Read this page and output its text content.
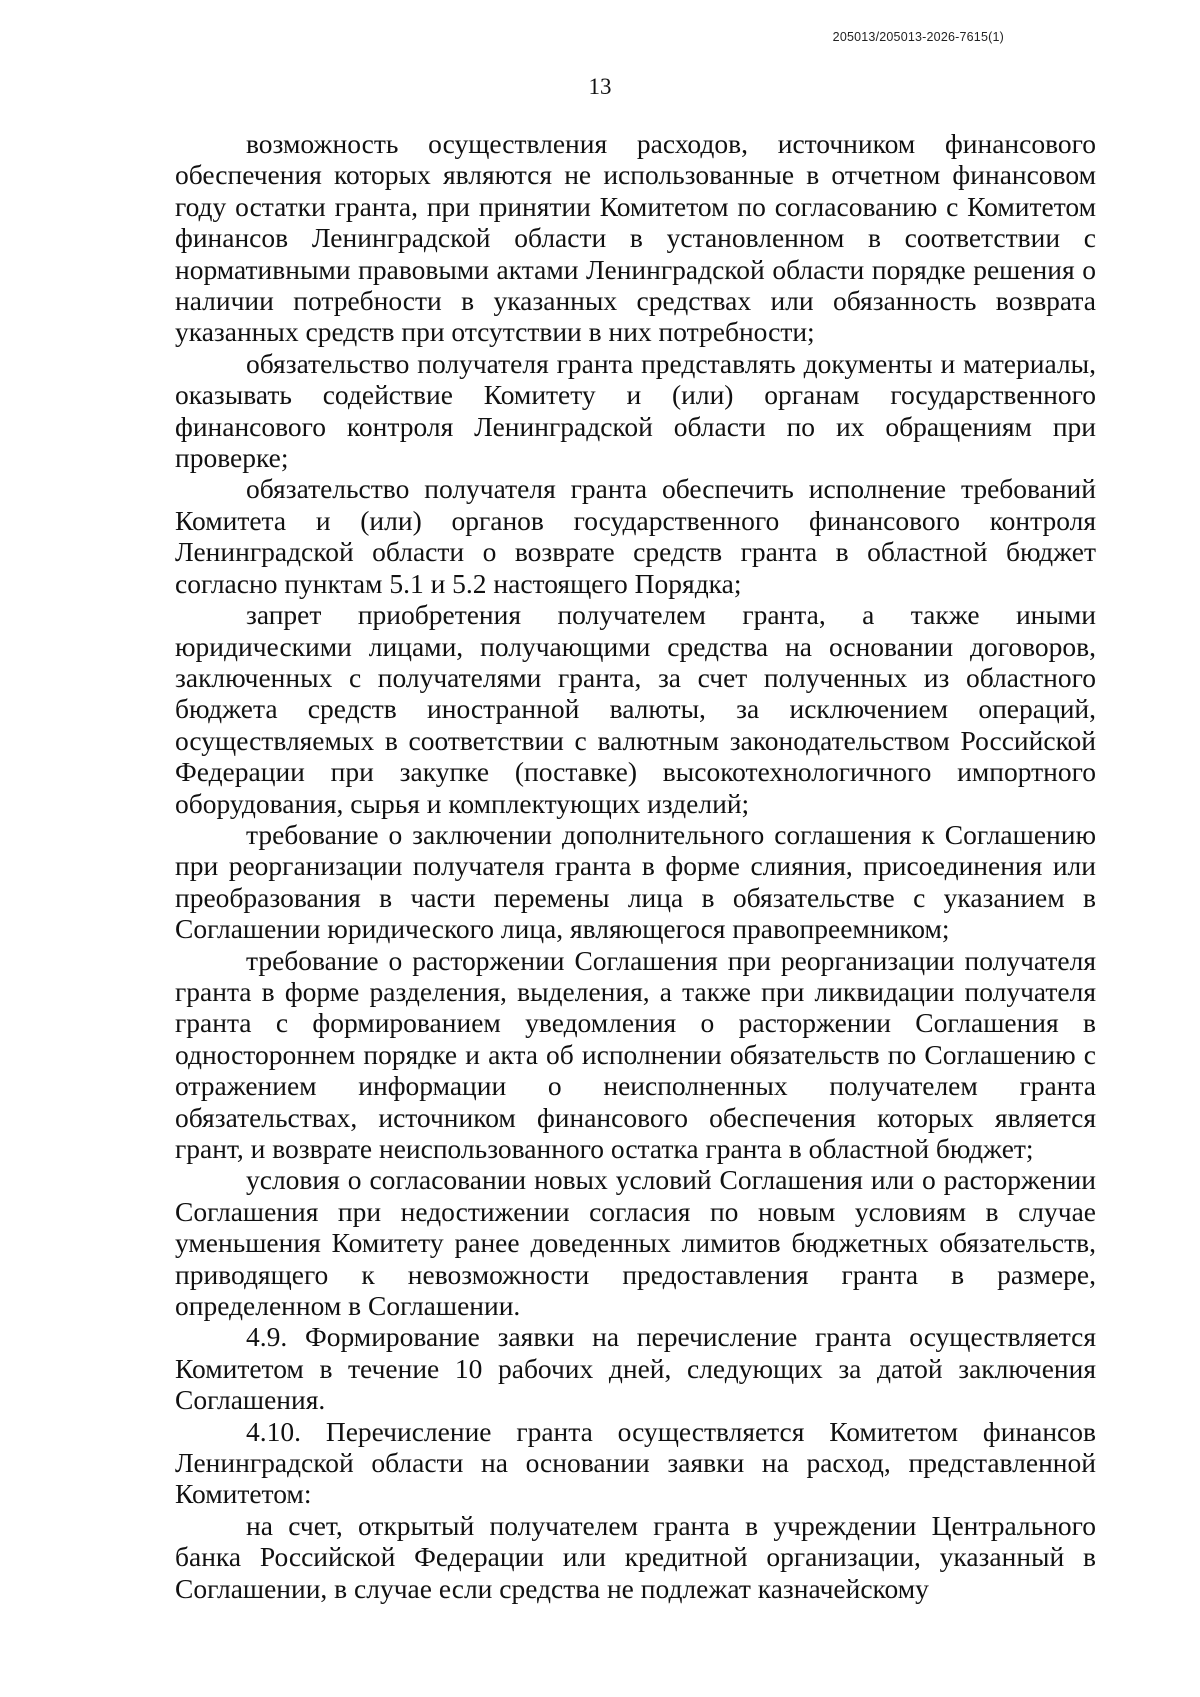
205013/205013-2026-7615(1)
13

возможность осуществления расходов, источником финансового обеспечения которых являются не использованные в отчетном финансовом году остатки гранта, при принятии Комитетом по согласованию с Комитетом финансов Ленинградской области в установленном в соответствии с нормативными правовыми актами Ленинградской области порядке решения о наличии потребности в указанных средствах или обязанность возврата указанных средств при отсутствии в них потребности;

обязательство получателя гранта представлять документы и материалы, оказывать содействие Комитету и (или) органам государственного финансового контроля Ленинградской области по их обращениям при проверке;

обязательство получателя гранта обеспечить исполнение требований Комитета и (или) органов государственного финансового контроля Ленинградской области о возврате средств гранта в областной бюджет согласно пунктам 5.1 и 5.2 настоящего Порядка;

запрет приобретения получателем гранта, а также иными юридическими лицами, получающими средства на основании договоров, заключенных с получателями гранта, за счет полученных из областного бюджета средств иностранной валюты, за исключением операций, осуществляемых в соответствии с валютным законодательством Российской Федерации при закупке (поставке) высокотехнологичного импортного оборудования, сырья и комплектующих изделий;

требование о заключении дополнительного соглашения к Соглашению при реорганизации получателя гранта в форме слияния, присоединения или преобразования в части перемены лица в обязательстве с указанием в Соглашении юридического лица, являющегося правопреемником;

требование о расторжении Соглашения при реорганизации получателя гранта в форме разделения, выделения, а также при ликвидации получателя гранта с формированием уведомления о расторжении Соглашения в одностороннем порядке и акта об исполнении обязательств по Соглашению с отражением информации о неисполненных получателем гранта обязательствах, источником финансового обеспечения которых является грант, и возврате неиспользованного остатка гранта в областной бюджет;

условия о согласовании новых условий Соглашения или о расторжении Соглашения при недостижении согласия по новым условиям в случае уменьшения Комитету ранее доведенных лимитов бюджетных обязательств, приводящего к невозможности предоставления гранта в размере, определенном в Соглашении.

4.9. Формирование заявки на перечисление гранта осуществляется Комитетом в течение 10 рабочих дней, следующих за датой заключения Соглашения.

4.10. Перечисление гранта осуществляется Комитетом финансов Ленинградской области на основании заявки на расход, представленной Комитетом:

на счет, открытый получателем гранта в учреждении Центрального банка Российской Федерации или кредитной организации, указанный в Соглашении, в случае если средства не подлежат казначейскому
